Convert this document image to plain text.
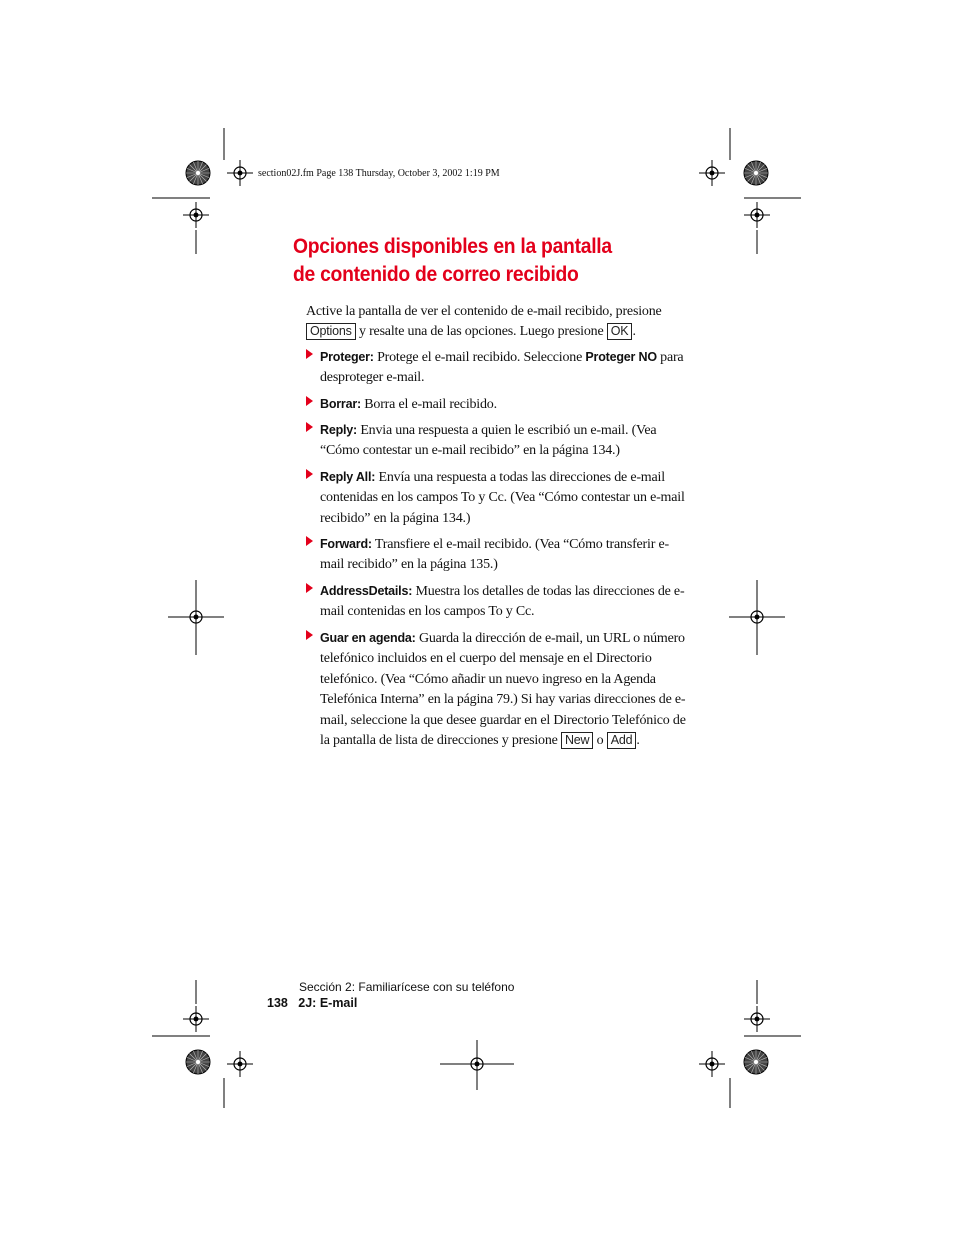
section02J.fm Page 138 Thursday, October 3, 2002 1:19 PM
Opciones disponibles en la pantalla
de contenido de correo recibido
Active la pantalla de ver el contenido de e-mail recibido, presione
Options y resalte una de las opciones. Luego presione OK .
Proteger: Protege el e-mail recibido. Seleccione Proteger NO para desproteger e-mail.
Borrar: Borra el e-mail recibido.
Reply: Envia una respuesta a quien le escribió un e-mail. (Vea “Cómo contestar un e-mail recibido” en la página 134.)
Reply All: Envía una respuesta a todas las direcciones de e-mail contenidas en los campos To y Cc. (Vea “Cómo contestar un e-mail recibido” en la página 134.)
Forward: Transfiere el e-mail recibido. (Vea “Cómo transferir e-mail recibido” en la página 135.)
AddressDetails: Muestra los detalles de todas las direcciones de e-mail contenidas en los campos To y Cc.
Guar en agenda: Guarda la dirección de e-mail, un URL o número telefónico incluidos en el cuerpo del mensaje en el Directorio telefónico. (Vea “Cómo añadir un nuevo ingreso en la Agenda Telefónica Interna” en la página 79.) Si hay varias direcciones de e-mail, seleccione la que desee guardar en el Directorio Telefónico de la pantalla de lista de direcciones y presione New o Add .
Sección 2: Familiarícese con su teléfono
138 2J: E-mail
